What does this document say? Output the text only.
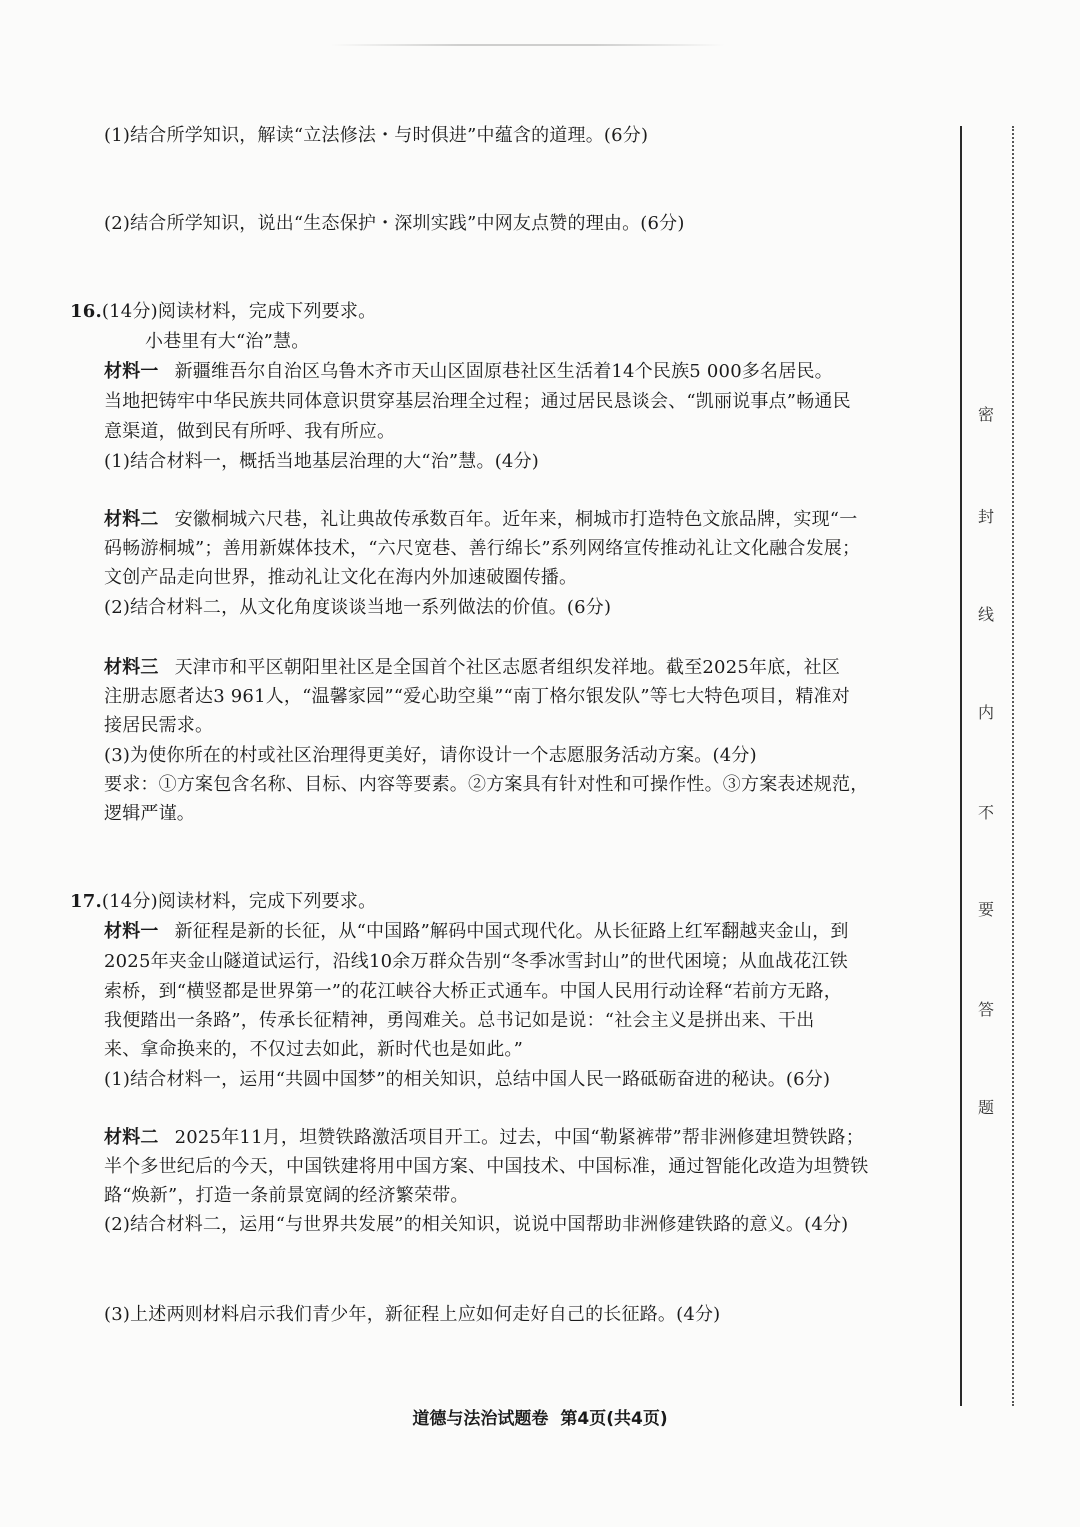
(1)结合所学知识，解读“立法修法・与时俱进”中蕴含的道理。(6分)
(2)结合所学知识，说出“生态保护・深圳实践”中网友点赞的理由。(6分)
16.(14分)阅读材料，完成下列要求。
小巷里有大“治”慧。
材料一 新疆维吾尔自治区乌鲁木齐市天山区固原巷社区生活着14个民族5 000多名居民。
当地把铸牢中华民族共同体意识贯穿基层治理全过程；通过居民恳谈会、“凯丽说事点”畅通民
意渠道，做到民有所呼、我有所应。
(1)结合材料一，概括当地基层治理的大“治”慧。(4分)
材料二 安徽桐城六尺巷，礼让典故传承数百年。近年来，桐城市打造特色文旅品牌，实现“一
码畅游桐城”；善用新媒体技术，“六尺宽巷、善行绵长”系列网络宣传推动礼让文化融合发展；
文创产品走向世界，推动礼让文化在海内外加速破圈传播。
(2)结合材料二，从文化角度谈谈当地一系列做法的价值。(6分)
材料三 天津市和平区朝阳里社区是全国首个社区志愿者组织发祥地。截至2025年底，社区
注册志愿者达3 961人，“温馨家园”“爱心助空巢”“南丁格尔银发队”等七大特色项目，精准对
接居民需求。
(3)为使你所在的村或社区治理得更美好，请你设计一个志愿服务活动方案。(4分)
要求：①方案包含名称、目标、内容等要素。②方案具有针对性和可操作性。③方案表述规范，
逻辑严谨。
17.(14分)阅读材料，完成下列要求。
材料一 新征程是新的长征，从“中国路”解码中国式现代化。从长征路上红军翻越夹金山，到
2025年夹金山隧道试运行，沿线10余万群众告别“冬季冰雪封山”的世代困境；从血战花江铁
索桥，到“横竖都是世界第一”的花江峡谷大桥正式通车。中国人民用行动诠释“若前方无路，
我便踏出一条路”，传承长征精神，勇闯难关。总书记如是说：“社会主义是拼出来、干出
来、拿命换来的，不仅过去如此，新时代也是如此。”
(1)结合材料一，运用“共圆中国梦”的相关知识，总结中国人民一路砥砺奋进的秘诀。(6分)
材料二 2025年11月，坦赞铁路激活项目开工。过去，中国“勒紧裤带”帮非洲修建坦赞铁路；
半个多世纪后的今天，中国铁建将用中国方案、中国技术、中国标准，通过智能化改造为坦赞铁
路“焕新”，打造一条前景宽阔的经济繁荣带。
(2)结合材料二，运用“与世界共发展”的相关知识，说说中国帮助非洲修建铁路的意义。(4分)
(3)上述两则材料启示我们青少年，新征程上应如何走好自己的长征路。(4分)
密
封
线
内
不
要
答
题
道德与法治试题卷 第4页(共4页)
